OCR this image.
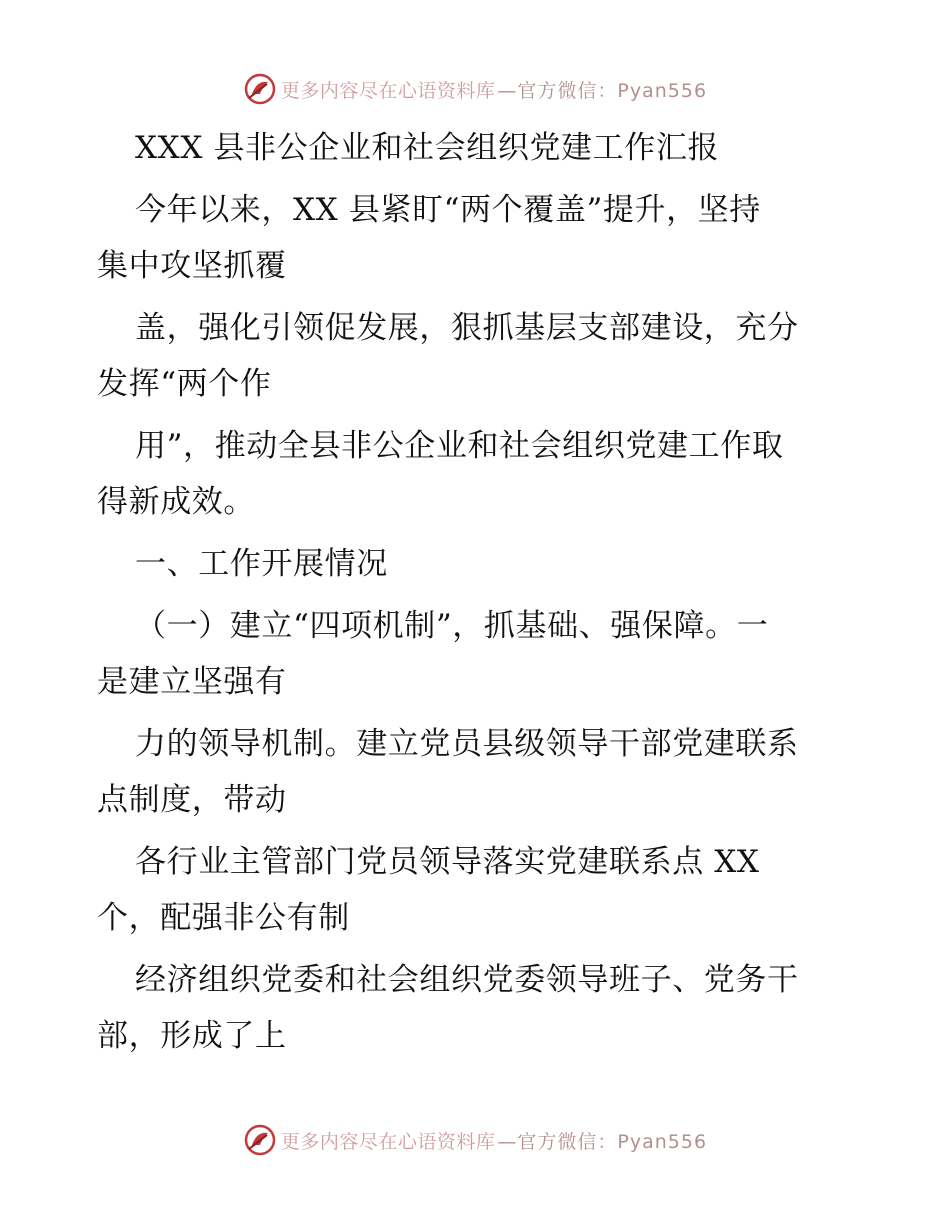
更多内容尽在心语资料库 —官方微信：Pyan556

XXX 县非公企业和社会组织党建工作汇报

今年以来，XX 县紧盯“两个覆盖”提升，坚持
集中攻坚抓覆

盖，强化引领促发展，狠抓基层支部建设，充分
发挥“两个作

用”，推动全县非公企业和社会组织党建工作取
得新成效。

一、工作开展情况

（一）建立“四项机制”，抓基础、强保障。一
是建立坚强有

力的领导机制。建立党员县级领导干部党建联系
点制度，带动

各行业主管部门党员领导落实党建联系点 XX
个，配强非公有制

经济组织党委和社会组织党委领导班子、党务干
部，形成了上

更多内容尽在心语资料库 —官方微信：Pyan556
